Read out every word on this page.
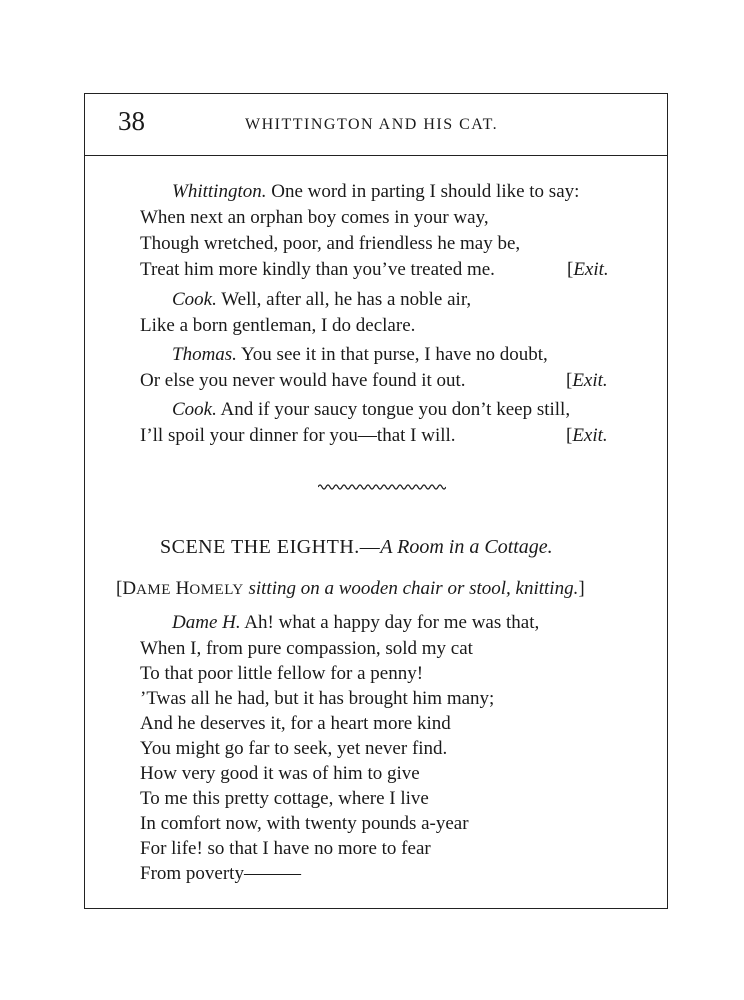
38	WHITTINGTON AND HIS CAT.
Whittington. One word in parting I should like to say:
When next an orphan boy comes in your way,
Though wretched, poor, and friendless he may be,
Treat him more kindly than you’ve treated me.	[Exit.
Cook. Well, after all, he has a noble air,
Like a born gentleman, I do declare.
Thomas. You see it in that purse, I have no doubt,
Or else you never would have found it out.	[Exit.
Cook. And if your saucy tongue you don’t keep still,
I’ll spoil your dinner for you—that I will.	[Exit.
SCENE THE EIGHTH.—A Room in a Cottage.
[DAME HOMELY sitting on a wooden chair or stool, knitting.]
Dame H. Ah! what a happy day for me was that,
When I, from pure compassion, sold my cat
To that poor little fellow for a penny!
’Twas all he had, but it has brought him many;
And he deserves it, for a heart more kind
You might go far to seek, yet never find.
How very good it was of him to give
To me this pretty cottage, where I live
In comfort now, with twenty pounds a-year
For life! so that I have no more to fear
From poverty———
